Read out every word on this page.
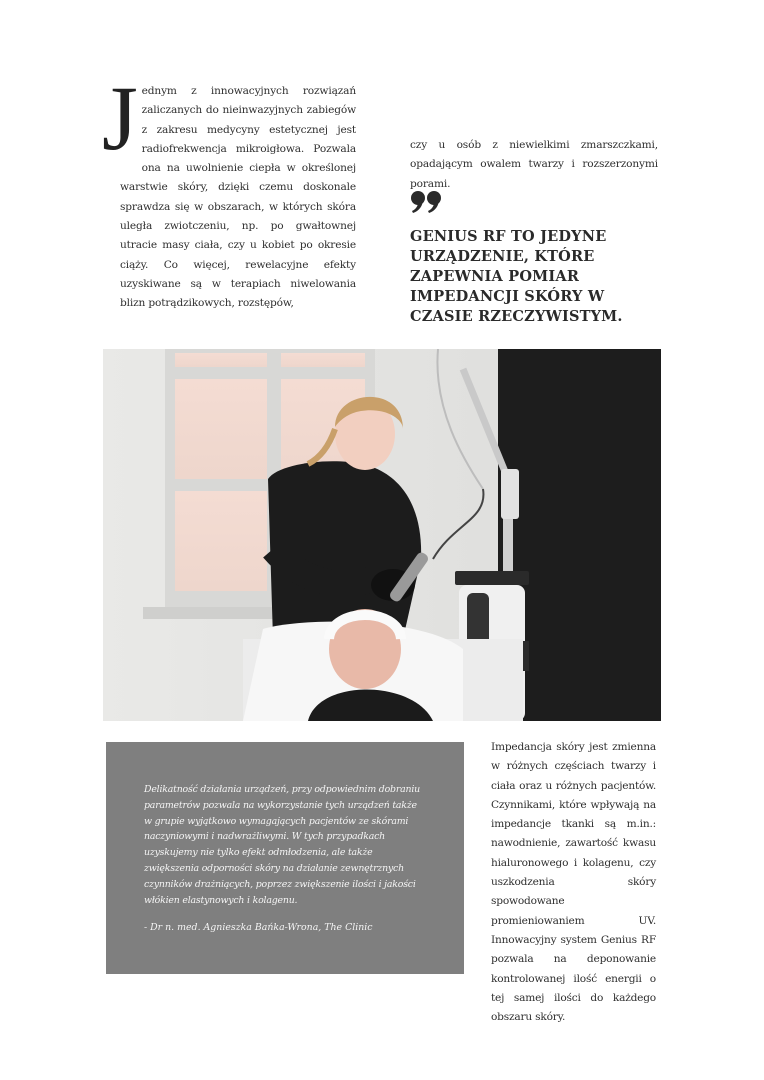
J ednym z innowacyjnych rozwiązań zaliczanych do nieinwazyjnych zabiegów z zakresu medycyny estetycznej jest radiofrekwencja mikroigłowa. Pozwala ona na uwolnienie ciepła w określonej warstwie skóry, dzięki czemu doskonale sprawdza się w obszarach, w których skóra uległa zwiotczeniu, np. po gwałtownej utracie masy ciała, czy u kobiet po okresie ciąży. Co więcej, rewelacyjne efekty uzyskiwane są w terapiach niwelowania blizn potrądzikowych, rozstępów,
czy u osób z niewielkimi zmarszczkami, opadającym owalem twarzy i rozszerzonymi porami.
GENIUS RF TO JEDYNE URZĄDZENIE, KTÓRE ZAPEWNIA POMIAR IMPEDANCJI SKÓRY W CZASIE RZECZYWISTYM.
Delikatność działania urządzeń, przy odpowiednim dobraniu parametrów pozwala na wykorzystanie tych urządzeń także w grupie wyjątkowo wymagających pacjentów ze skórami naczyniowymi i nadwrażliwymi. W tych przypadkach uzyskujemy nie tylko efekt odmłodzenia, ale także zwiększenia odporności skóry na działanie zewnętrznych czynników drażniących, poprzez zwiększenie ilości i jakości włókien elastynowych i kolagenu.
- Dr n. med. Agnieszka Bańka-Wrona, The Clinic
Impedancja skóry jest zmienna w różnych częściach twarzy i ciała oraz u różnych pacjentów. Czynnikami, które wpływają na impedancje tkanki są m.in.: nawodnienie, zawartość kwasu hialuronowego i kolagenu, czy uszkodzenia skóry spowodowane promieniowaniem UV. Innowacyjny system Genius RF pozwala na deponowanie kontrolowanej ilość energii o tej samej ilości do każdego obszaru skóry.
